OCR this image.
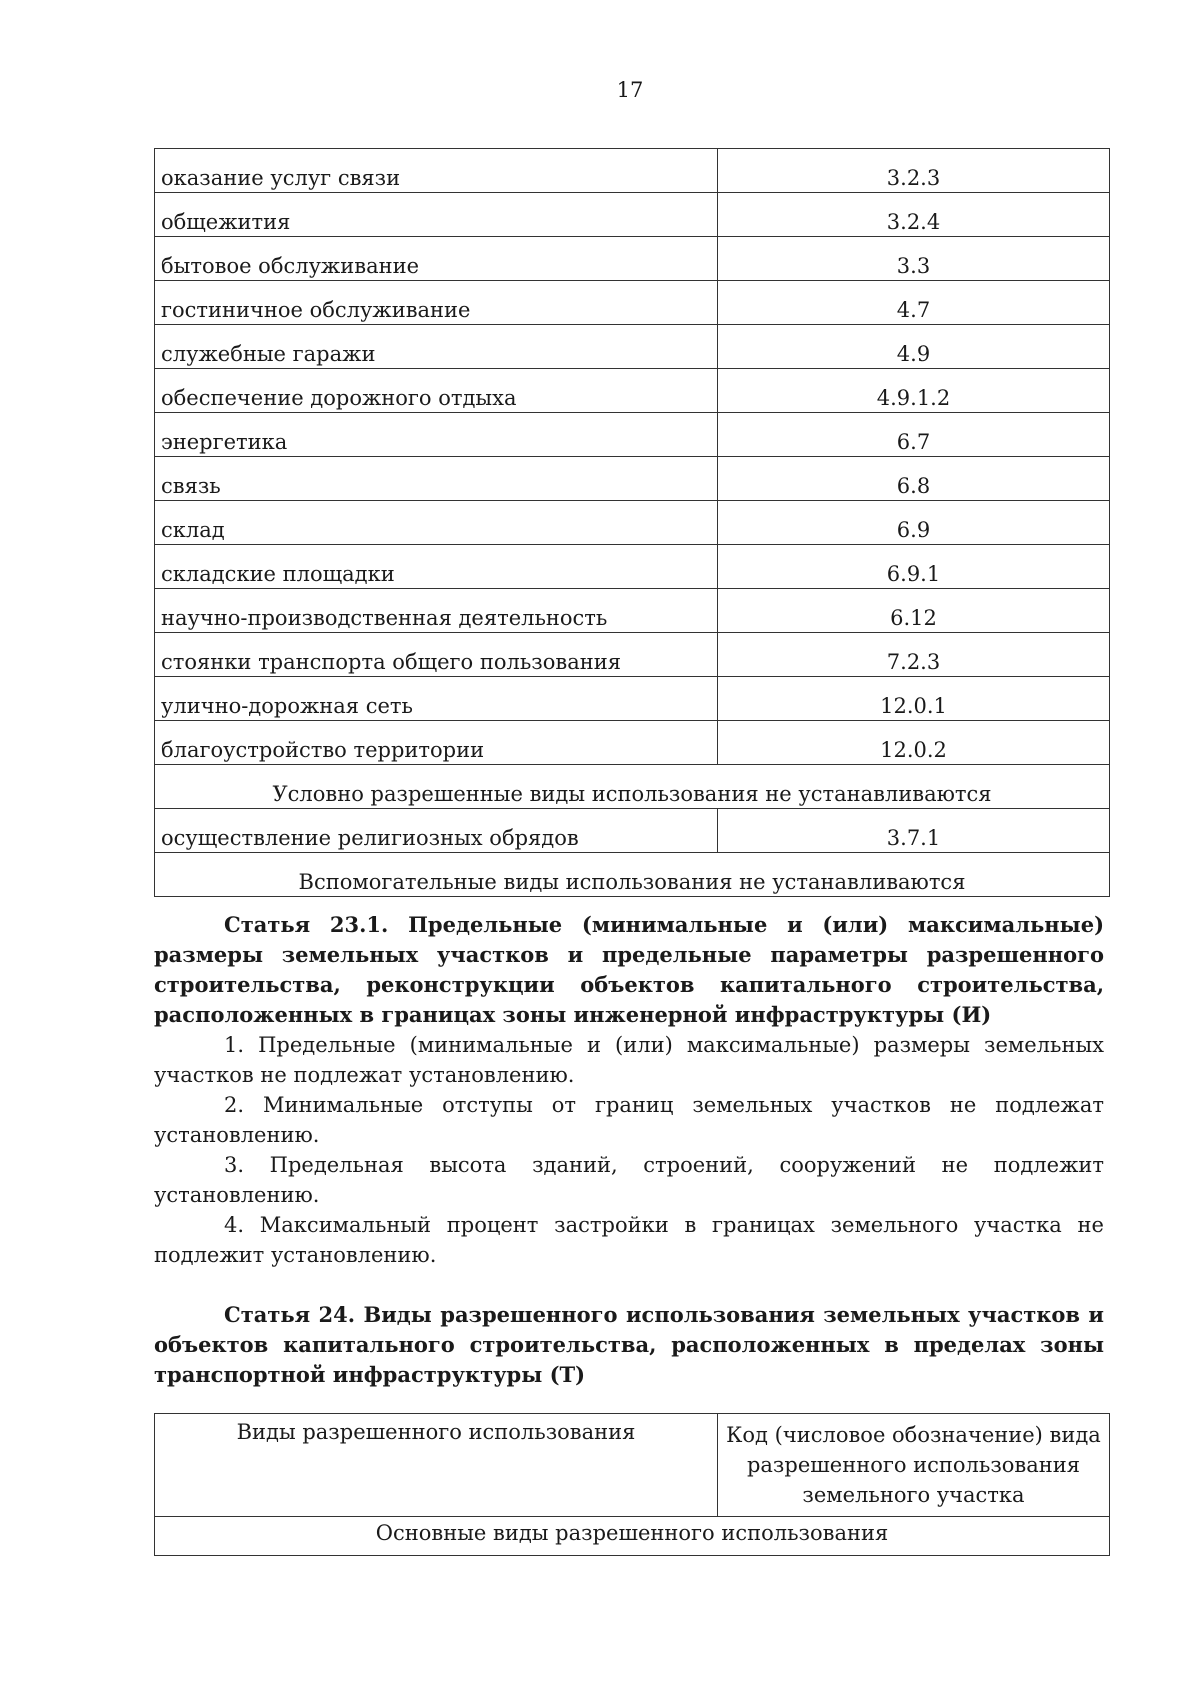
17
оказание услуг связи	3.2.3
общежития	3.2.4
бытовое обслуживание	3.3
гостиничное обслуживание	4.7
служебные гаражи	4.9
обеспечение дорожного отдыха	4.9.1.2
энергетика	6.7
связь	6.8
склад	6.9
складские площадки	6.9.1
научно-производственная деятельность	6.12
стоянки транспорта общего пользования	7.2.3
улично-дорожная сеть	12.0.1
благоустройство территории	12.0.2
Условно разрешенные виды использования не устанавливаются	
осуществление религиозных обрядов	3.7.1
Вспомогательные виды использования не устанавливаются	

Статья 23.1. Предельные (минимальные и (или) максимальные) размеры земельных участков и предельные параметры разрешенного строительства, реконструкции объектов капитального строительства, расположенных в границах зоны инженерной инфраструктуры (И)

1. Предельные (минимальные и (или) максимальные) размеры земельных участков не подлежат установлению.

2. Минимальные отступы от границ земельных участков не подлежат установлению.

3. Предельная высота зданий, строений, сооружений не подлежит установлению.

4. Максимальный процент застройки в границах земельного участка не подлежит установлению.

Статья 24. Виды разрешенного использования земельных участков и объектов капитального строительства, расположенных в пределах зоны транспортной инфраструктуры (Т)

Виды разрешенного использования	Код (числовое обозначение) вида разрешенного использования земельного участка
Основные виды разрешенного использования
